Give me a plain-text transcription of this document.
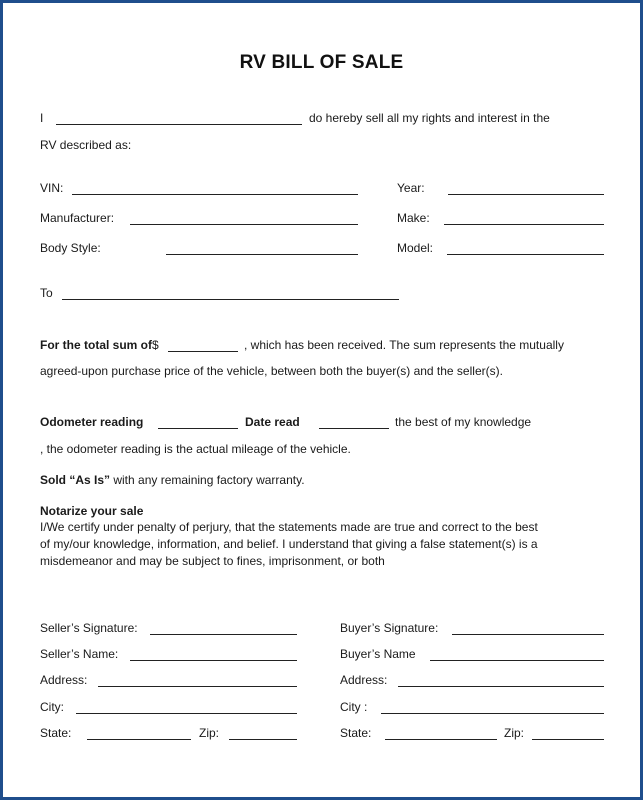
RV BILL OF SALE
I	do hereby sell all my rights and interest in the
RV described as:
VIN:	Year:
Manufacturer:	Make:
Body Style:	Model:
To
For the total sum of $	, which has been received. The sum represents the mutually
agreed-upon purchase price of the vehicle, between both the buyer(s) and the seller(s).
Odometer reading	Date read	the best of my knowledge
, the odometer reading is the actual mileage of the vehicle.
Sold “As Is” with any remaining factory warranty.
Notarize your sale
I/We certify under penalty of perjury, that the statements made are true and correct to the best
of my/our knowledge, information, and belief. I understand that giving a false statement(s) is a
misdemeanor and may be subject to fines, imprisonment, or both
Seller’s Signature:
Seller’s Name:
Address:
City:
State:	Zip:
Buyer’s Signature:
Buyer’s Name
Address:
City :
State:	Zip:
